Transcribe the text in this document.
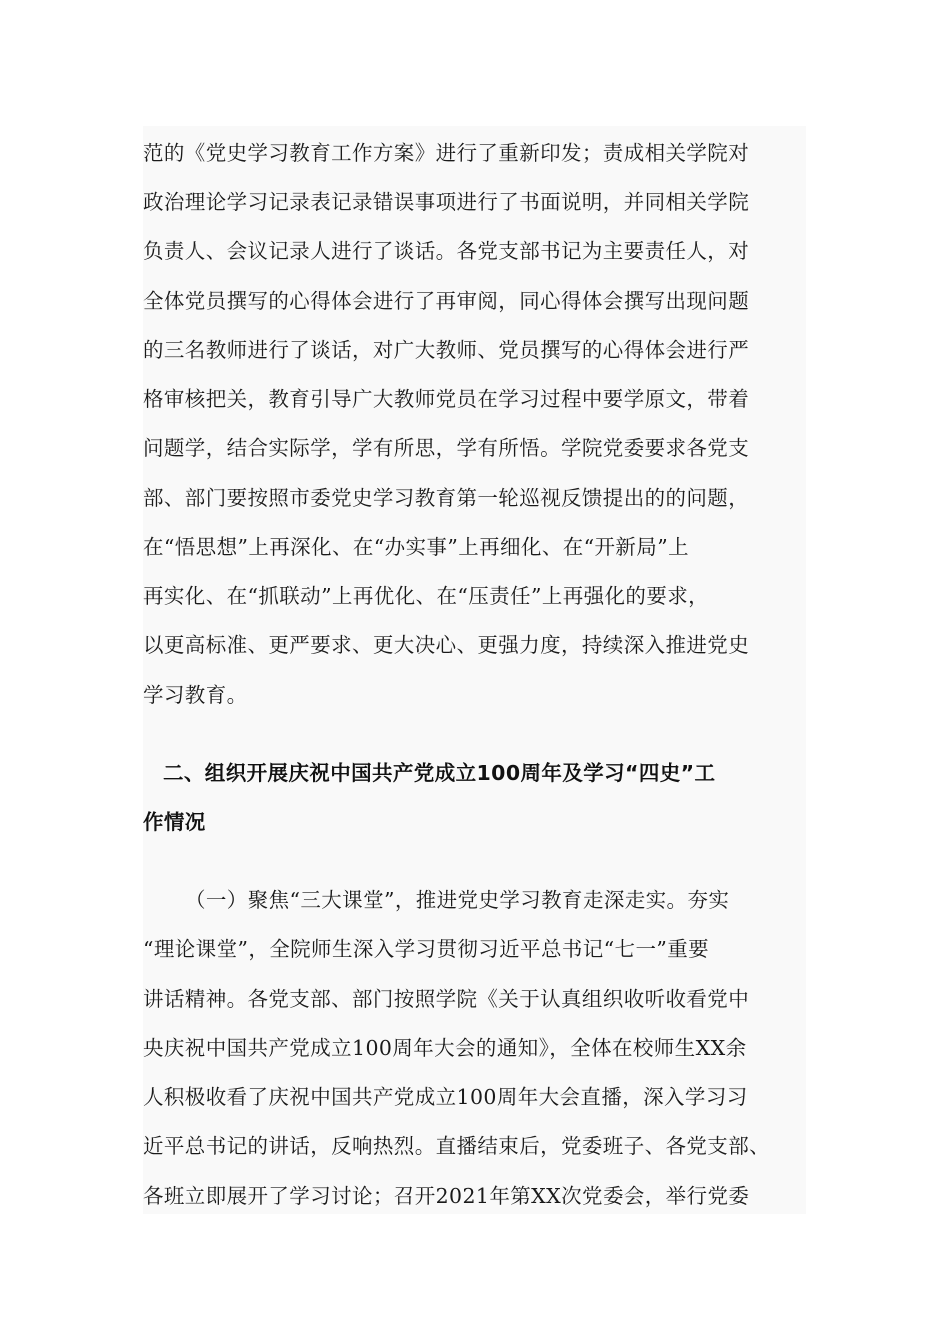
范的《党史学习教育工作方案》进行了重新印发；责成相关学院对
政治理论学习记录表记录错误事项进行了书面说明，并同相关学院
负责人、会议记录人进行了谈话。各党支部书记为主要责任人，对
全体党员撰写的心得体会进行了再审阅，同心得体会撰写出现问题
的三名教师进行了谈话，对广大教师、党员撰写的心得体会进行严
格审核把关，教育引导广大教师党员在学习过程中要学原文，带着
问题学，结合实际学，学有所思，学有所悟。学院党委要求各党支
部、部门要按照市委党史学习教育第一轮巡视反馈提出的的问题，
在“悟思想”上再深化、在“办实事”上再细化、在“开新局”上
再实化、在“抓联动”上再优化、在“压责任”上再强化的要求，
以更高标准、更严要求、更大决心、更强力度，持续深入推进党史
学习教育。
二、组织开展庆祝中国共产党成立100周年及学习“四史”工
作情况
（一）聚焦“三大课堂”，推进党史学习教育走深走实。夯实
“理论课堂”，全院师生深入学习贯彻习近平总书记“七一”重要
讲话精神。各党支部、部门按照学院《关于认真组织收听收看党中
央庆祝中国共产党成立100周年大会的通知》，全体在校师生XX余
人积极收看了庆祝中国共产党成立100周年大会直播，深入学习习
近平总书记的讲话，反响热烈。直播结束后，党委班子、各党支部、
各班立即展开了学习讨论；召开2021年第XX次党委会，举行党委
